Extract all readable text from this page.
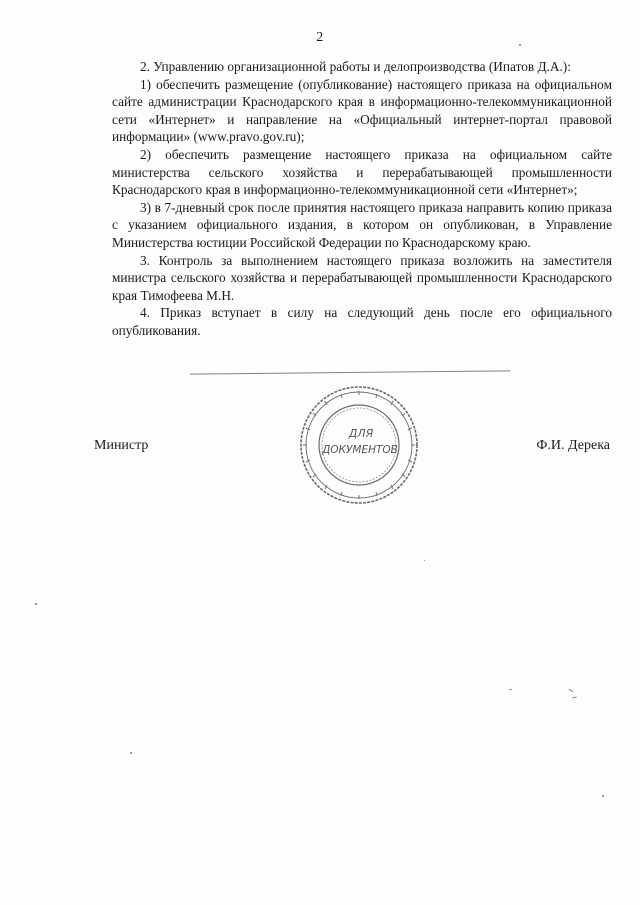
2

2. Управлению организационной работы и делопроизводства (Ипатов Д.А.):

1) обеспечить размещение (опубликование) настоящего приказа на официальном сайте администрации Краснодарского края в информационно-телекоммуникационной сети «Интернет» и направление на «Официальный интернет-портал правовой информации» (www.pravo.gov.ru);

2) обеспечить размещение настоящего приказа на официальном сайте министерства сельского хозяйства и перерабатывающей промышленности Краснодарского края в информационно-телекоммуникационной сети «Интернет»;

3) в 7-дневный срок после принятия настоящего приказа направить копию приказа с указанием официального издания, в котором он опубликован, в Управление Министерства юстиции Российской Федерации по Краснодарскому краю.

3. Контроль за выполнением настоящего приказа возложить на заместителя министра сельского хозяйства и перерабатывающей промышленности Краснодарского края Тимофеева М.Н.

4. Приказ вступает в силу на следующий день после его официального опубликования.

Министр	Ф.И. Дерека
ДЛЯ
ДОКУМЕНТОВ
